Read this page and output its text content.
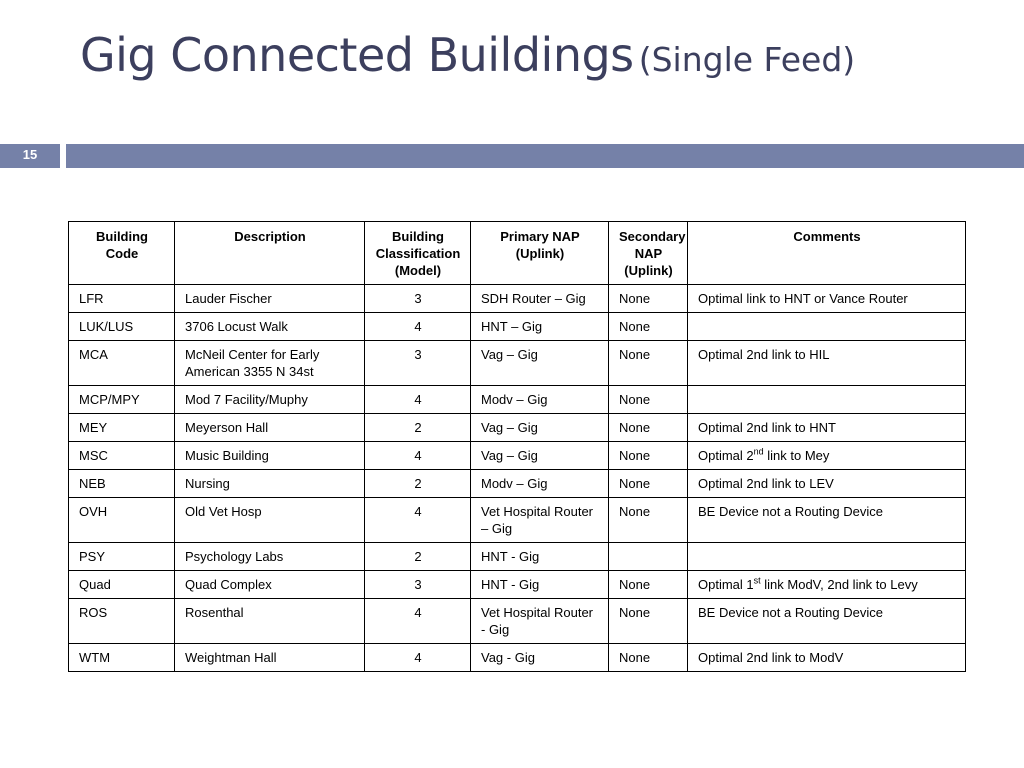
Gig Connected Buildings (Single Feed)
15
Building Code	Description	Building Classification (Model)	Primary NAP (Uplink)	Secondary NAP (Uplink)	Comments
LFR	Lauder Fischer	3	SDH Router – Gig	None	Optimal link to HNT or Vance Router
LUK/LUS	3706 Locust Walk	4	HNT – Gig	None	
MCA	McNeil Center for Early American 3355 N 34st	3	Vag – Gig	None	Optimal 2nd link to HIL
MCP/MPY	Mod 7 Facility/Muphy	4	Modv – Gig	None	
MEY	Meyerson Hall	2	Vag – Gig	None	Optimal 2nd link to HNT
MSC	Music Building	4	Vag – Gig	None	Optimal 2nd link to Mey
NEB	Nursing	2	Modv – Gig	None	Optimal 2nd link to LEV
OVH	Old Vet Hosp	4	Vet Hospital Router – Gig	None	BE Device not a Routing Device
PSY	Psychology Labs	2	HNT - Gig		
Quad	Quad Complex	3	HNT - Gig	None	Optimal 1st link ModV, 2nd link to Levy
ROS	Rosenthal	4	Vet Hospital Router - Gig	None	BE Device not a Routing Device
WTM	Weightman Hall	4	Vag - Gig	None	Optimal 2nd link to ModV
